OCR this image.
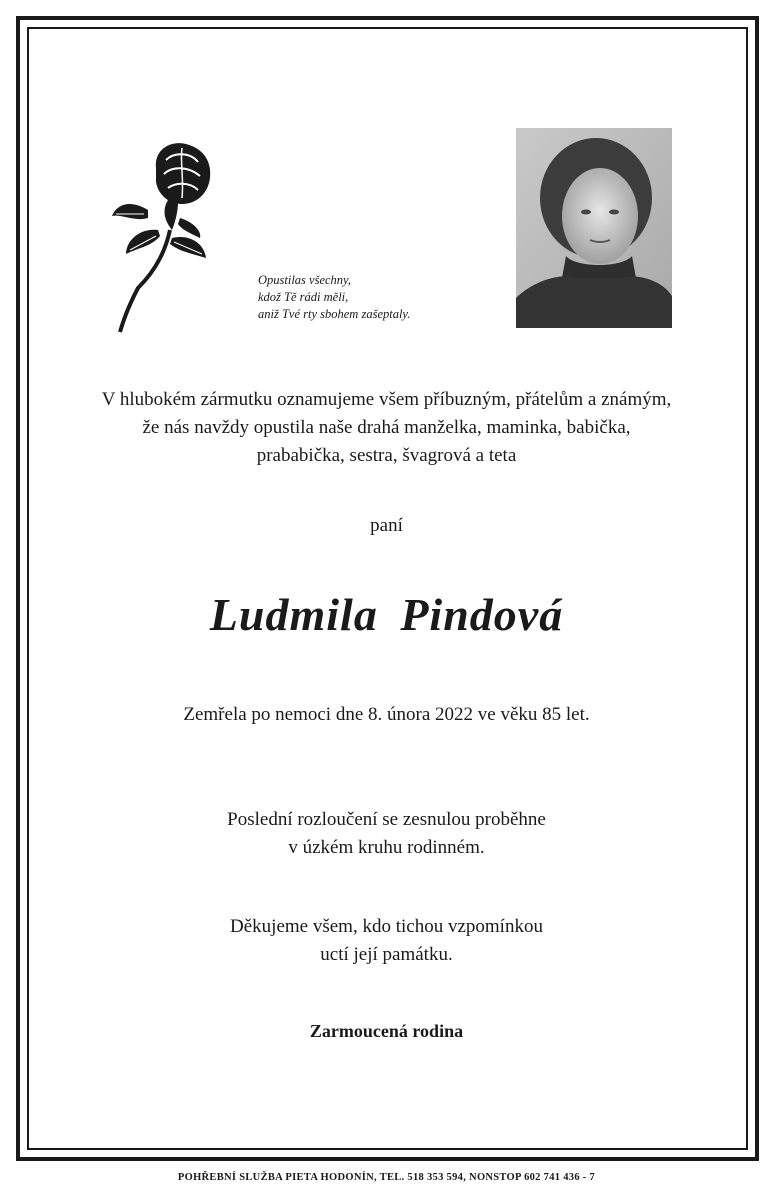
Opustilas všechny,
kdož Tě rádi měli,
aniž Tvé rty sbohem zašeptaly.
V hlubokém zármutku oznamujeme všem příbuzným, přátelům a známým,
že nás navždy opustila naše drahá manželka, maminka, babička,
prababička, sestra, švagrová a teta
paní
Ludmila Pindová
Zemřela po nemoci dne 8. února 2022 ve věku 85 let.
Poslední rozloučení se zesnulou proběhne
v úzkém kruhu rodinném.
Děkujeme všem, kdo tichou vzpomínkou
uctí její památku.
Zarmoucená rodina
POHŘEBNÍ SLUŽBA PIETA HODONÍN, TEL. 518 353 594, NONSTOP 602 741 436 - 7
